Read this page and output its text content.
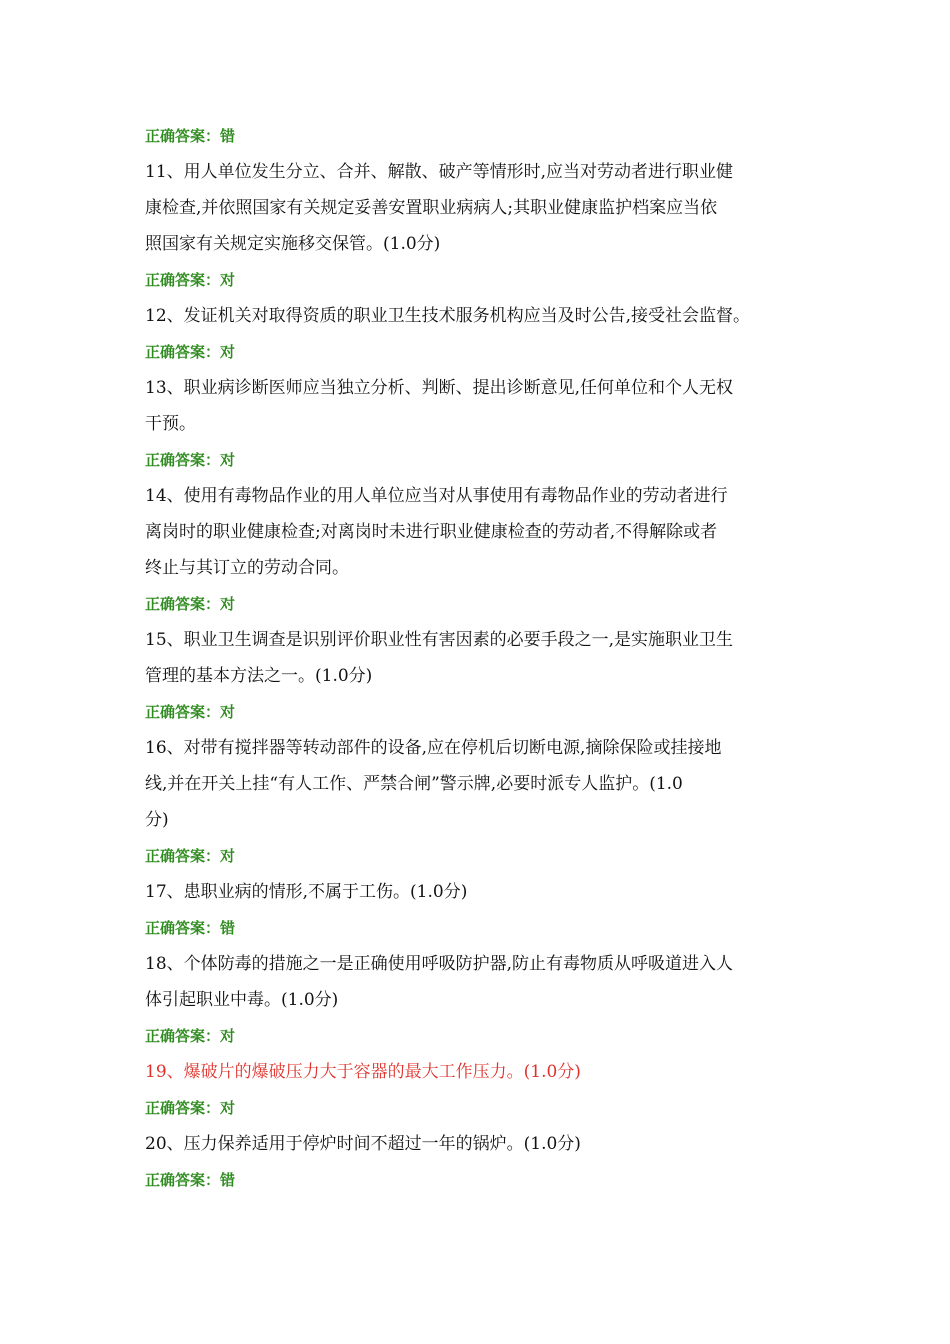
正确答案：错
11、用人单位发生分立、合并、解散、破产等情形时,应当对劳动者进行职业健
康检查,并依照国家有关规定妥善安置职业病病人;其职业健康监护档案应当依
照国家有关规定实施移交保管。(1.0分)
正确答案：对
12、发证机关对取得资质的职业卫生技术服务机构应当及时公告,接受社会监督。
正确答案：对
13、职业病诊断医师应当独立分析、判断、提出诊断意见,任何单位和个人无权
干预。
正确答案：对
14、使用有毒物品作业的用人单位应当对从事使用有毒物品作业的劳动者进行
离岗时的职业健康检查;对离岗时未进行职业健康检查的劳动者,不得解除或者
终止与其订立的劳动合同。
正确答案：对
15、职业卫生调查是识别评价职业性有害因素的必要手段之一,是实施职业卫生
管理的基本方法之一。(1.0分)
正确答案：对
16、对带有搅拌器等转动部件的设备,应在停机后切断电源,摘除保险或挂接地
线,并在开关上挂“有人工作、严禁合闸”警示牌,必要时派专人监护。(1.0
分)
正确答案：对
17、患职业病的情形,不属于工伤。(1.0分)
正确答案：错
18、个体防毒的措施之一是正确使用呼吸防护器,防止有毒物质从呼吸道进入人
体引起职业中毒。(1.0分)
正确答案：对
19、爆破片的爆破压力大于容器的最大工作压力。(1.0分)
正确答案：对
20、压力保养适用于停炉时间不超过一年的锅炉。(1.0分)
正确答案：错
